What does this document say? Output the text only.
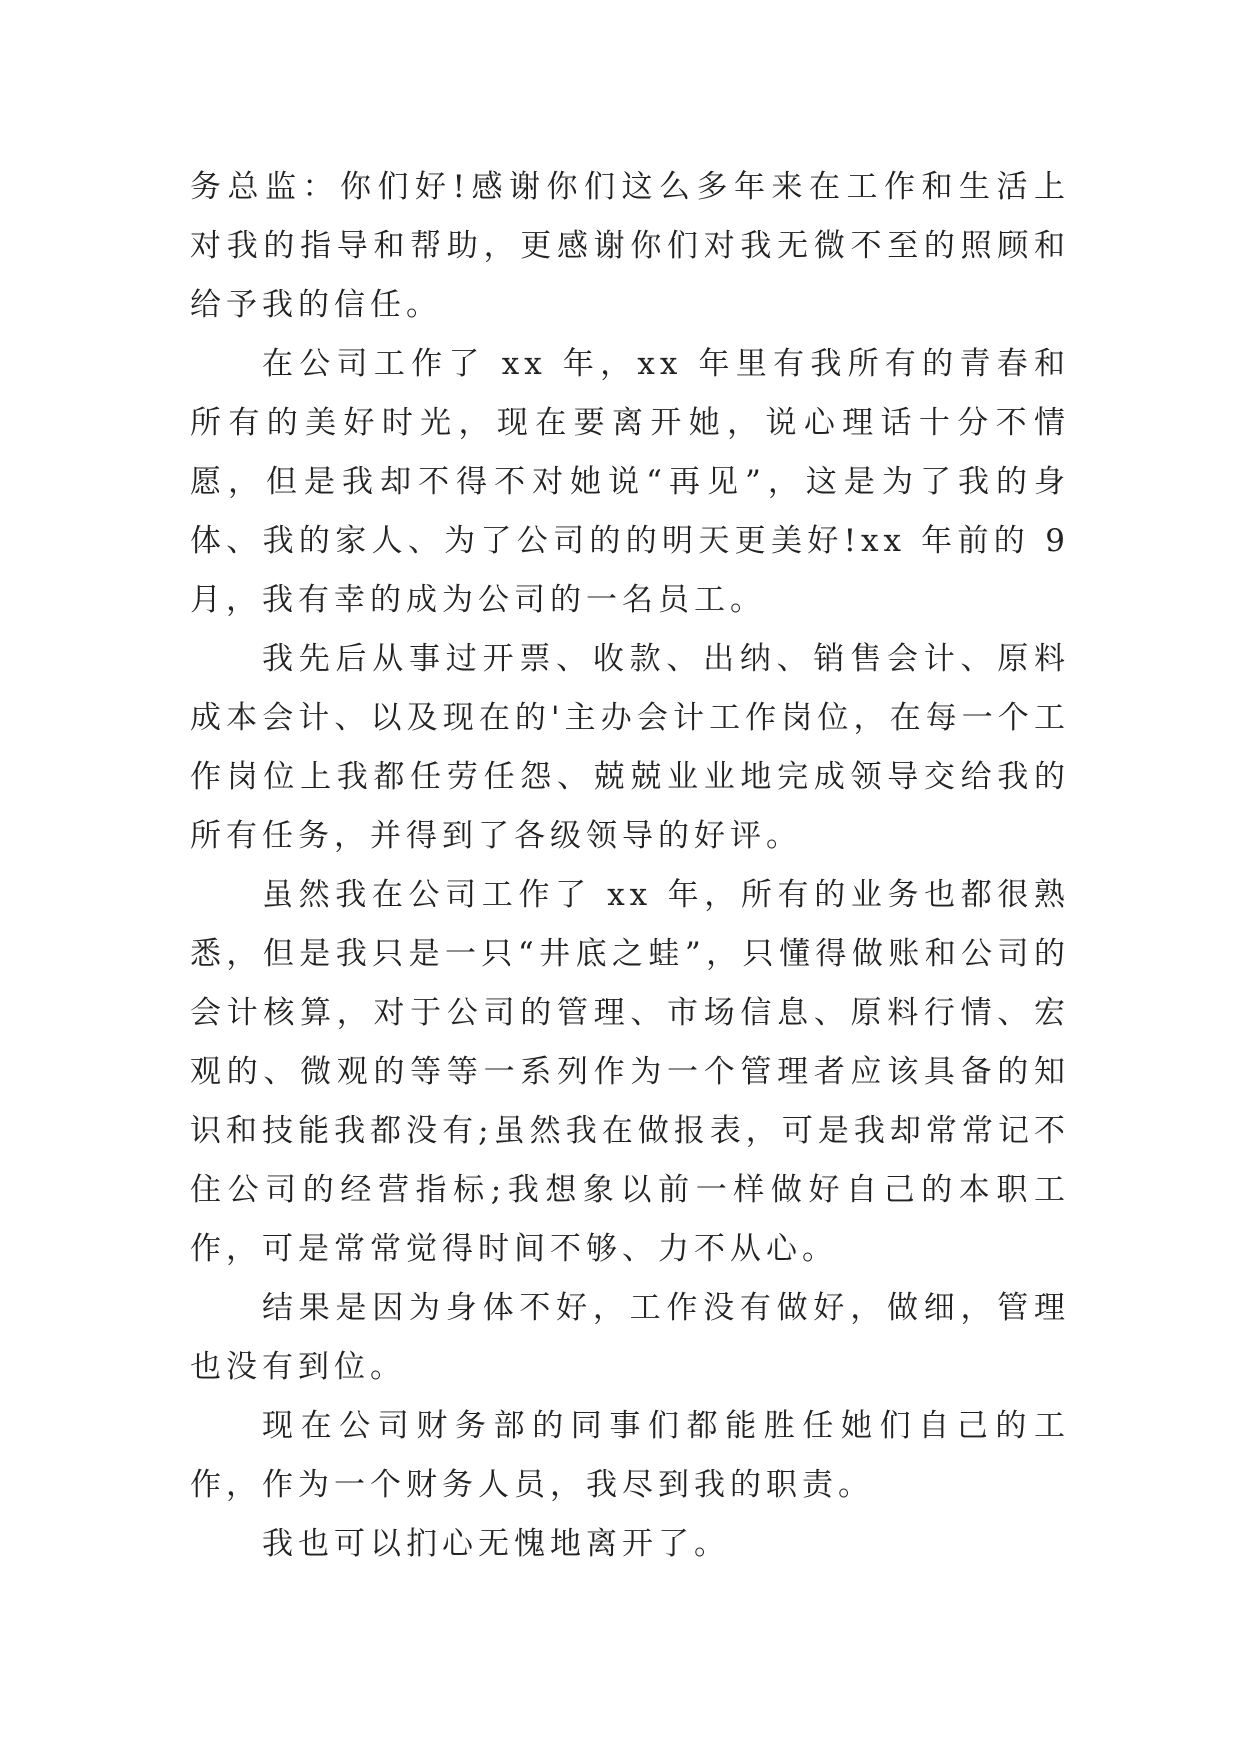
务总监：你们好!感谢你们这么多年来在工作和生活上对我的指导和帮助，更感谢你们对我无微不至的照顾和给予我的信任。

在公司工作了 xx 年，xx 年里有我所有的青春和所有的美好时光，现在要离开她，说心理话十分不情愿，但是我却不得不对她说“再见”，这是为了我的身体、我的家人、为了公司的的明天更美好!xx 年前的 9 月，我有幸的成为公司的一名员工。

我先后从事过开票、收款、出纳、销售会计、原料成本会计、以及现在的'主办会计工作岗位，在每一个工作岗位上我都任劳任怨、兢兢业业地完成领导交给我的所有任务，并得到了各级领导的好评。

虽然我在公司工作了 xx 年，所有的业务也都很熟悉，但是我只是一只“井底之蛙”，只懂得做账和公司的会计核算，对于公司的管理、市场信息、原料行情、宏观的、微观的等等一系列作为一个管理者应该具备的知识和技能我都没有;虽然我在做报表，可是我却常常记不住公司的经营指标;我想象以前一样做好自己的本职工作，可是常常觉得时间不够、力不从心。

结果是因为身体不好，工作没有做好，做细，管理也没有到位。

现在公司财务部的同事们都能胜任她们自己的工作，作为一个财务人员，我尽到我的职责。

我也可以扪心无愧地离开了。
